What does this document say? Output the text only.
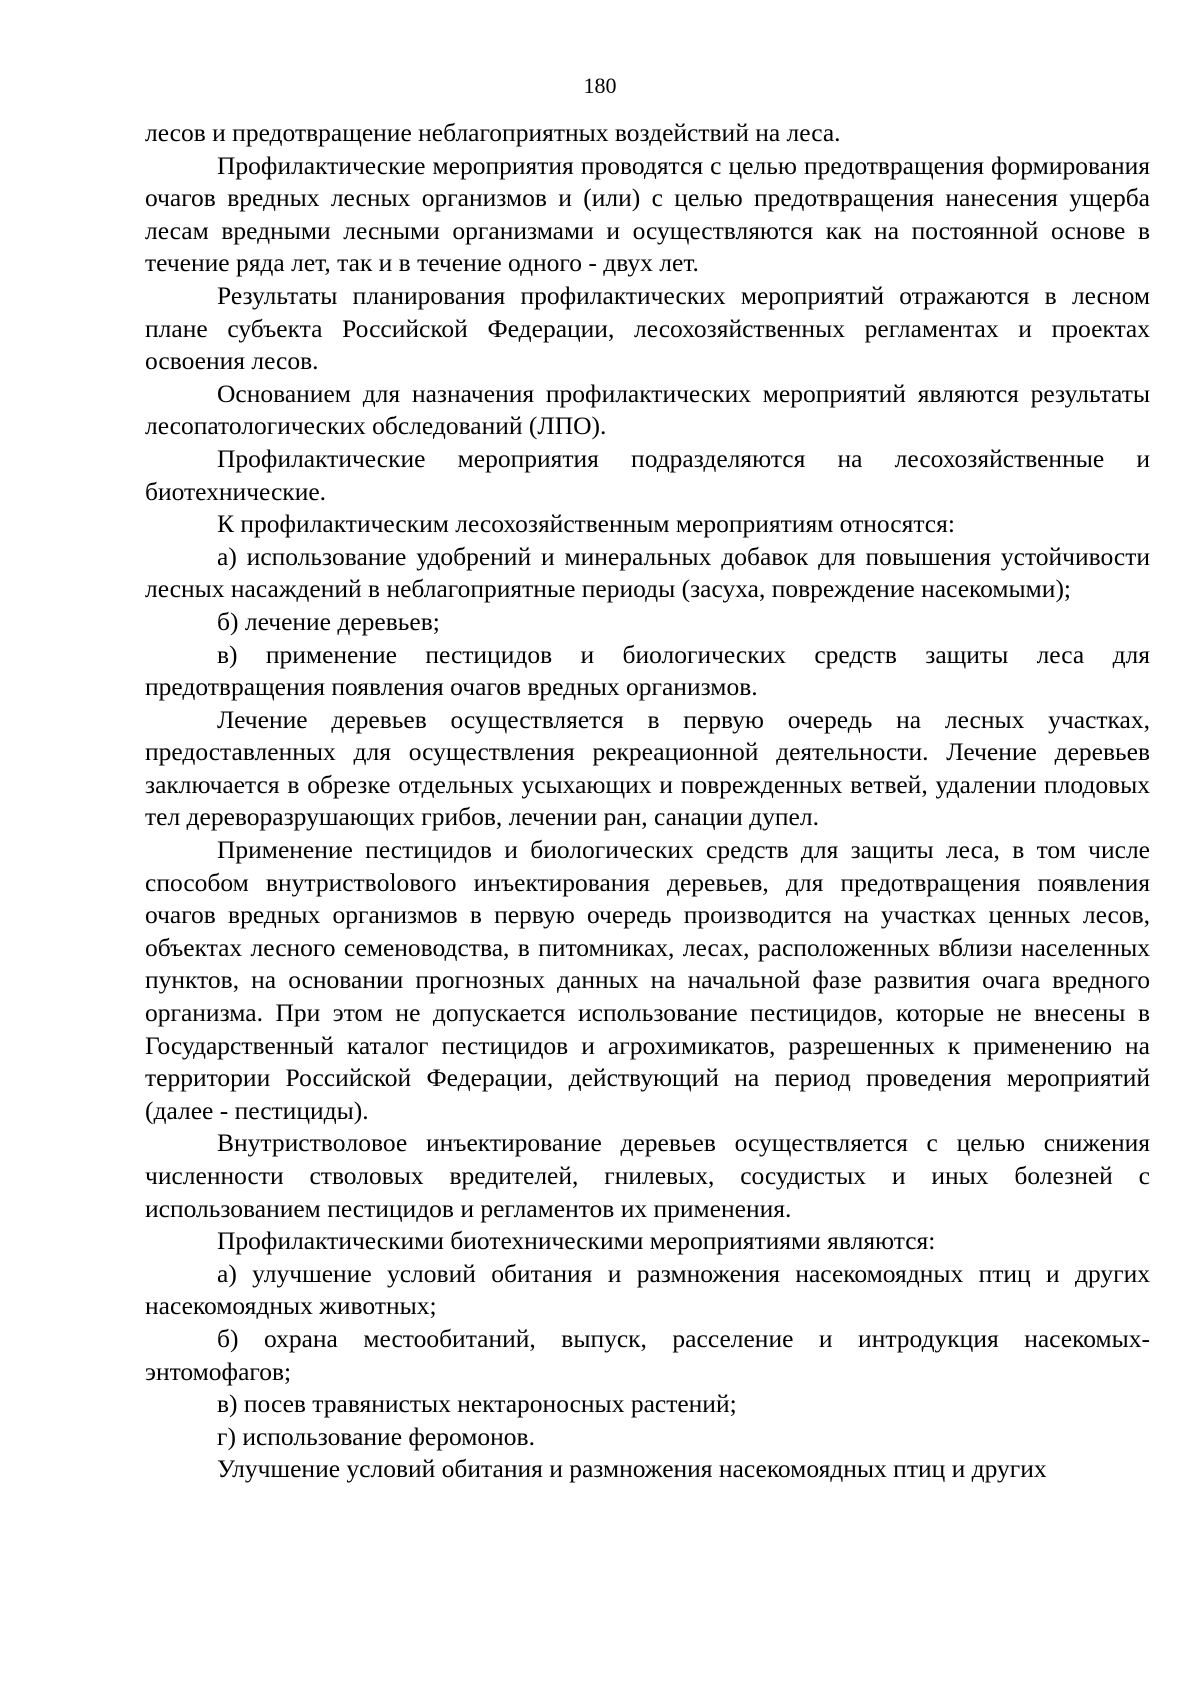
180

лесов и предотвращение неблагоприятных воздействий на леса.

Профилактические мероприятия проводятся с целью предотвращения формирования очагов вредных лесных организмов и (или) с целью предотвращения нанесения ущерба лесам вредными лесными организмами и осуществляются как на постоянной основе в течение ряда лет, так и в течение одного - двух лет.

Результаты планирования профилактических мероприятий отражаются в лесном плане субъекта Российской Федерации, лесохозяйственных регламентах и проектах освоения лесов.

Основанием для назначения профилактических мероприятий являются результаты лесопатологических обследований (ЛПО).

Профилактические мероприятия подразделяются на лесохозяйственные и биотехнические.

К профилактическим лесохозяйственным мероприятиям относятся:

а) использование удобрений и минеральных добавок для повышения устойчивости лесных насаждений в неблагоприятные периоды (засуха, повреждение насекомыми);

б) лечение деревьев;

в) применение пестицидов и биологических средств защиты леса для предотвращения появления очагов вредных организмов.

Лечение деревьев осуществляется в первую очередь на лесных участках, предоставленных для осуществления рекреационной деятельности. Лечение деревьев заключается в обрезке отдельных усыхающих и поврежденных ветвей, удалении плодовых тел дереворазрушающих грибов, лечении ран, санации дупел.

Применение пестицидов и биологических средств для защиты леса, в том числе способом внутриствolового инъектирования деревьев, для предотвращения появления очагов вредных организмов в первую очередь производится на участках ценных лесов, объектах лесного семеноводства, в питомниках, лесах, расположенных вблизи населенных пунктов, на основании прогнозных данных на начальной фазе развития очага вредного организма. При этом не допускается использование пестицидов, которые не внесены в Государственный каталог пестицидов и агрохимикатов, разрешенных к применению на территории Российской Федерации, действующий на период проведения мероприятий (далее - пестициды).

Внутриствoловое инъектирование деревьев осуществляется с целью снижения численности стволовых вредителей, гнилевых, сосудистых и иных болезней с использованием пестицидов и регламентов их применения.

Профилактическими биотехническими мероприятиями являются:

а) улучшение условий обитания и размножения насекомоядных птиц и других насекомоядных животных;

б) охрана местообитаний, выпуск, расселение и интродукция насекомых-энтомофагов;

в) посев травянистых нектароносных растений;

г) использование феромонов.

Улучшение условий обитания и размножения насекомоядных птиц и других
